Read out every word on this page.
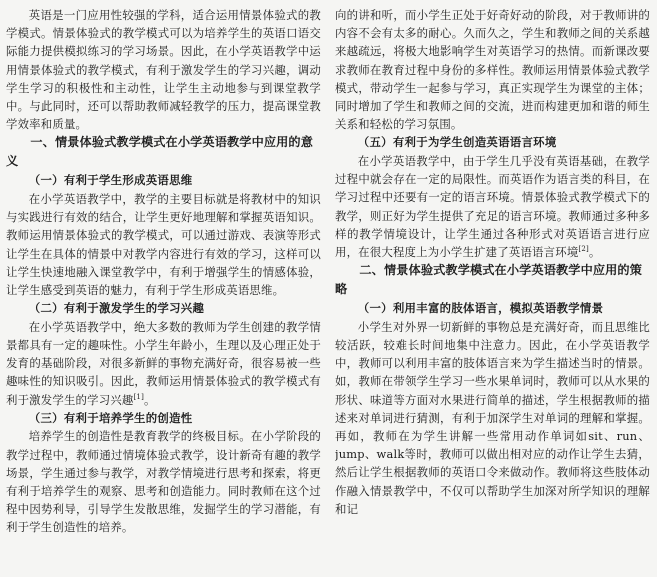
英语是一门应用性较强的学科，适合运用情景体验式的教学模式。情景体验式的教学模式可以为培养学生的英语口语交际能力提供模拟练习的学习场景。因此，在小学英语教学中运用情景体验式的教学模式，有利于激发学生的学习兴趣，调动学生学习的积极性和主动性，让学生主动地参与到课堂教学中。与此同时，还可以帮助教师减轻教学的压力，提高课堂教学效率和质量。

一、情景体验式教学模式在小学英语教学中应用的意义
（一）有利于学生形成英语思维

在小学英语教学中，教学的主要目标就是将教材中的知识与实践进行有效的结合，让学生更好地理解和掌握英语知识。教师运用情景体验式的教学模式，可以通过游戏、表演等形式让学生在具体的情景中对教学内容进行有效的学习，这样可以让学生快速地融入课堂教学中，有利于增强学生的情感体验，让学生感受到英语的魅力，有利于学生形成英语思维。

（二）有利于激发学生的学习兴趣

在小学英语教学中，绝大多数的教师为学生创建的教学情景都具有一定的趣味性。小学生年龄小，生理以及心理正处于发育的基础阶段，对很多新鲜的事物充满好奇，很容易被一些趣味性的知识吸引。因此，教师运用情景体验式的教学模式有利于激发学生的学习兴趣[1]。

（三）有利于培养学生的创造性

培养学生的创造性是教育教学的终极目标。在小学阶段的教学过程中，教师通过情境体验式教学，设计新奇有趣的教学场景，学生通过参与教学，对教学情境进行思考和探索，将更有利于培养学生的观察、思考和创造能力。同时教师在这个过程中因势利导，引导学生发散思维，发掘学生的学习潜能，有利于学生创造性的培养。

向的讲和听，而小学生正处于好奇好动的阶段，对于教师讲的内容不会有太多的耐心。久而久之，学生和教师之间的关系越来越疏远，将极大地影响学生对英语学习的热情。而新课改要求教师在教育过程中身份的多样性。教师运用情景体验式教学模式，带动学生一起参与学习，真正实现学生为课堂的主体；同时增加了学生和教师之间的交流，进而构建更加和谐的师生关系和轻松的学习氛围。

（五）有利于为学生创造英语语言环境

在小学英语教学中，由于学生几乎没有英语基础，在教学过程中就会存在一定的局限性。而英语作为语言类的科目，在学习过程中还要有一定的语言环境。情景体验式教学模式下的教学，则正好为学生提供了充足的语言环境。教师通过多种多样的教学情境设计，让学生通过各种形式对英语语言进行应用，在很大程度上为小学生扩建了英语语言环境[2]。

二、情景体验式教学模式在小学英语教学中应用的策略
（一）利用丰富的肢体语言，模拟英语教学情景

小学生对外界一切新鲜的事物总是充满好奇，而且思维比较活跃，较难长时间地集中注意力。因此，在小学英语教学中，教师可以利用丰富的肢体语言来为学生描述当时的情景。如，教师在带领学生学习一些水果单词时，教师可以从水果的形状、味道等方面对水果进行简单的描述，学生根据教师的描述来对单词进行猜测，有利于加深学生对单词的理解和掌握。再如，教师在为学生讲解一些常用动作单词如sit、run、jump、walk等时，教师可以做出相对应的动作让学生去猜，然后让学生根据教师的英语口令来做动作。教师将这些肢体动作融入情景教学中，不仅可以帮助学生加深对所学知识的理解和记
